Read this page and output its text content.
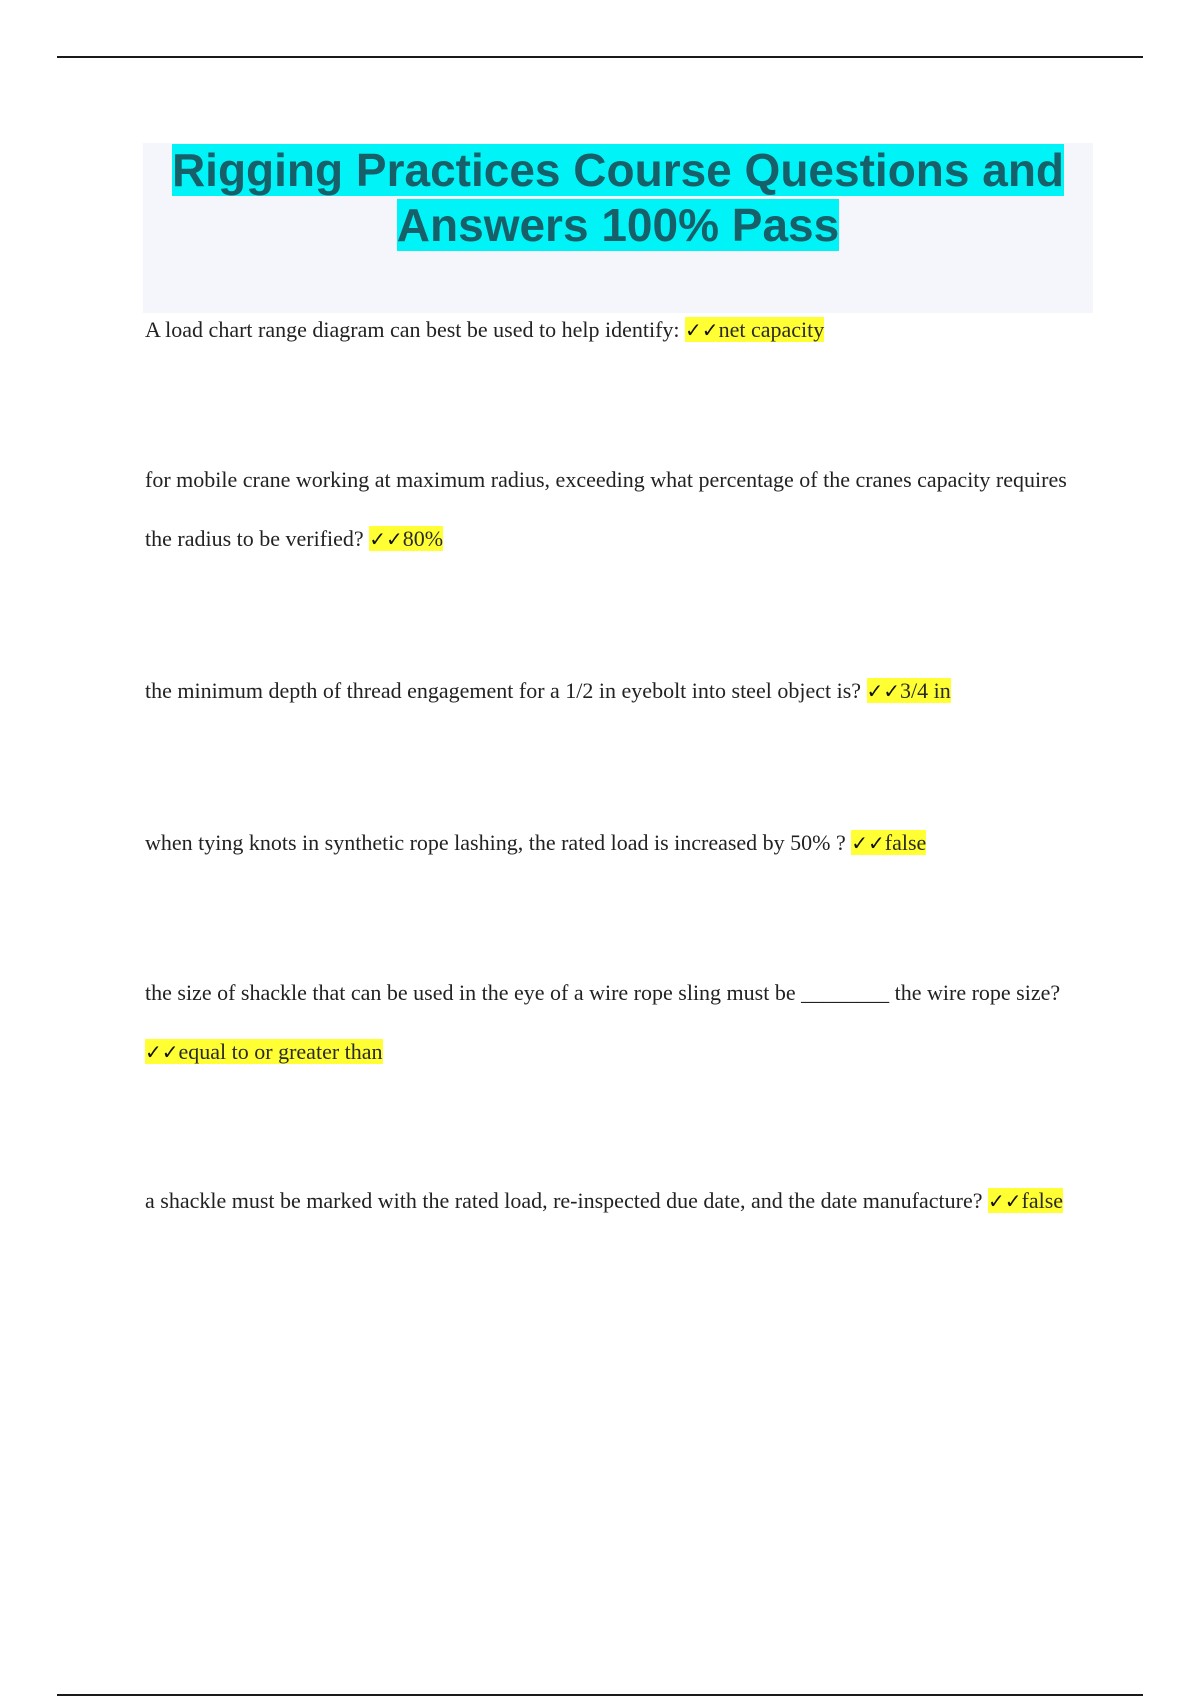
Rigging Practices Course Questions and Answers 100% Pass

A load chart range diagram can best be used to help identify: ✓✓net capacity

for mobile crane working at maximum radius, exceeding what percentage of the cranes capacity requires the radius to be verified? ✓✓80%

the minimum depth of thread engagement for a 1/2 in eyebolt into steel object is? ✓✓3/4 in

when tying knots in synthetic rope lashing, the rated load is increased by 50% ? ✓✓false

the size of shackle that can be used in the eye of a wire rope sling must be ________ the wire rope size? ✓✓equal to or greater than

a shackle must be marked with the rated load, re-inspected due date, and the date manufacture? ✓✓false
